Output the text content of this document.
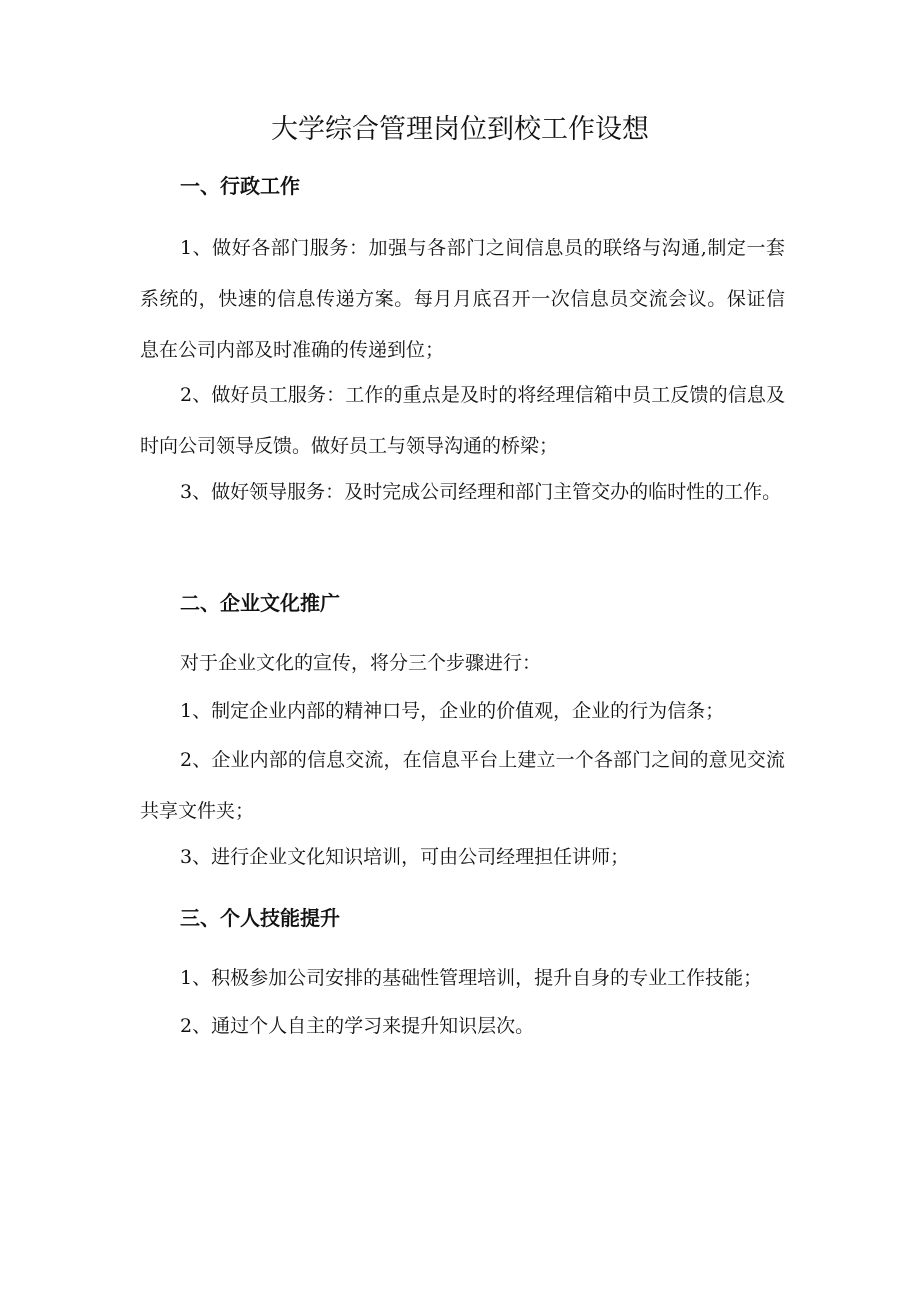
大学综合管理岗位到校工作设想
一、行政工作

1、做好各部门服务：加强与各部门之间信息员的联络与沟通,制定一套系统的，快速的信息传递方案。每月月底召开一次信息员交流会议。保证信息在公司内部及时准确的传递到位；

2、做好员工服务：工作的重点是及时的将经理信箱中员工反馈的信息及时向公司领导反馈。做好员工与领导沟通的桥梁；

3、做好领导服务：及时完成公司经理和部门主管交办的临时性的工作。

二、企业文化推广

对于企业文化的宣传，将分三个步骤进行：

1、制定企业内部的精神口号，企业的价值观，企业的行为信条；

2、企业内部的信息交流，在信息平台上建立一个各部门之间的意见交流共享文件夹；

3、进行企业文化知识培训，可由公司经理担任讲师；

三、个人技能提升

1、积极参加公司安排的基础性管理培训，提升自身的专业工作技能；

2、通过个人自主的学习来提升知识层次。
